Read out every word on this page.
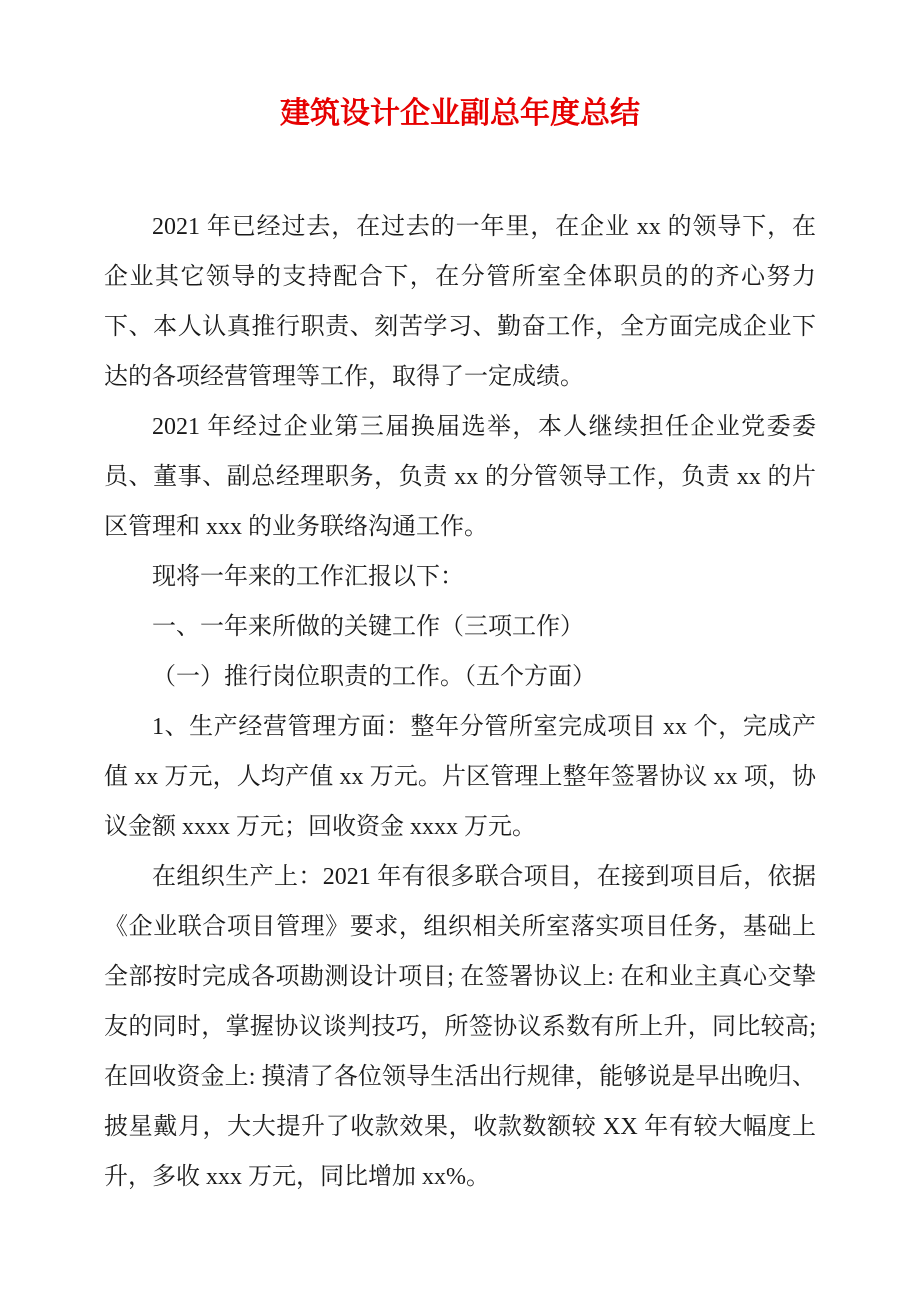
建筑设计企业副总年度总结

2021 年已经过去，在过去的一年里，在企业 xx 的领导下，在企业其它领导的支持配合下，在分管所室全体职员的的齐心努力下、本人认真推行职责、刻苦学习、勤奋工作，全方面完成企业下达的各项经营管理等工作，取得了一定成绩。

2021 年经过企业第三届换届选举，本人继续担任企业党委委员、董事、副总经理职务，负责 xx 的分管领导工作，负责 xx 的片区管理和 xxx 的业务联络沟通工作。

现将一年来的工作汇报以下：

一、一年来所做的关键工作（三项工作）

（一）推行岗位职责的工作。（五个方面）

1、生产经营管理方面：整年分管所室完成项目 xx 个，完成产值 xx 万元，人均产值 xx 万元。片区管理上整年签署协议 xx 项，协议金额 xxxx 万元；回收资金 xxxx 万元。

在组织生产上：2021 年有很多联合项目，在接到项目后，依据《企业联合项目管理》要求，组织相关所室落实项目任务，基础上全部按时完成各项勘测设计项目; 在签署协议上: 在和业主真心交挚友的同时，掌握协议谈判技巧，所签协议系数有所上升，同比较高; 在回收资金上: 摸清了各位领导生活出行规律，能够说是早出晚归、披星戴月，大大提升了收款效果，收款数额较 XX 年有较大幅度上升，多收 xxx 万元，同比增加 xx%。
